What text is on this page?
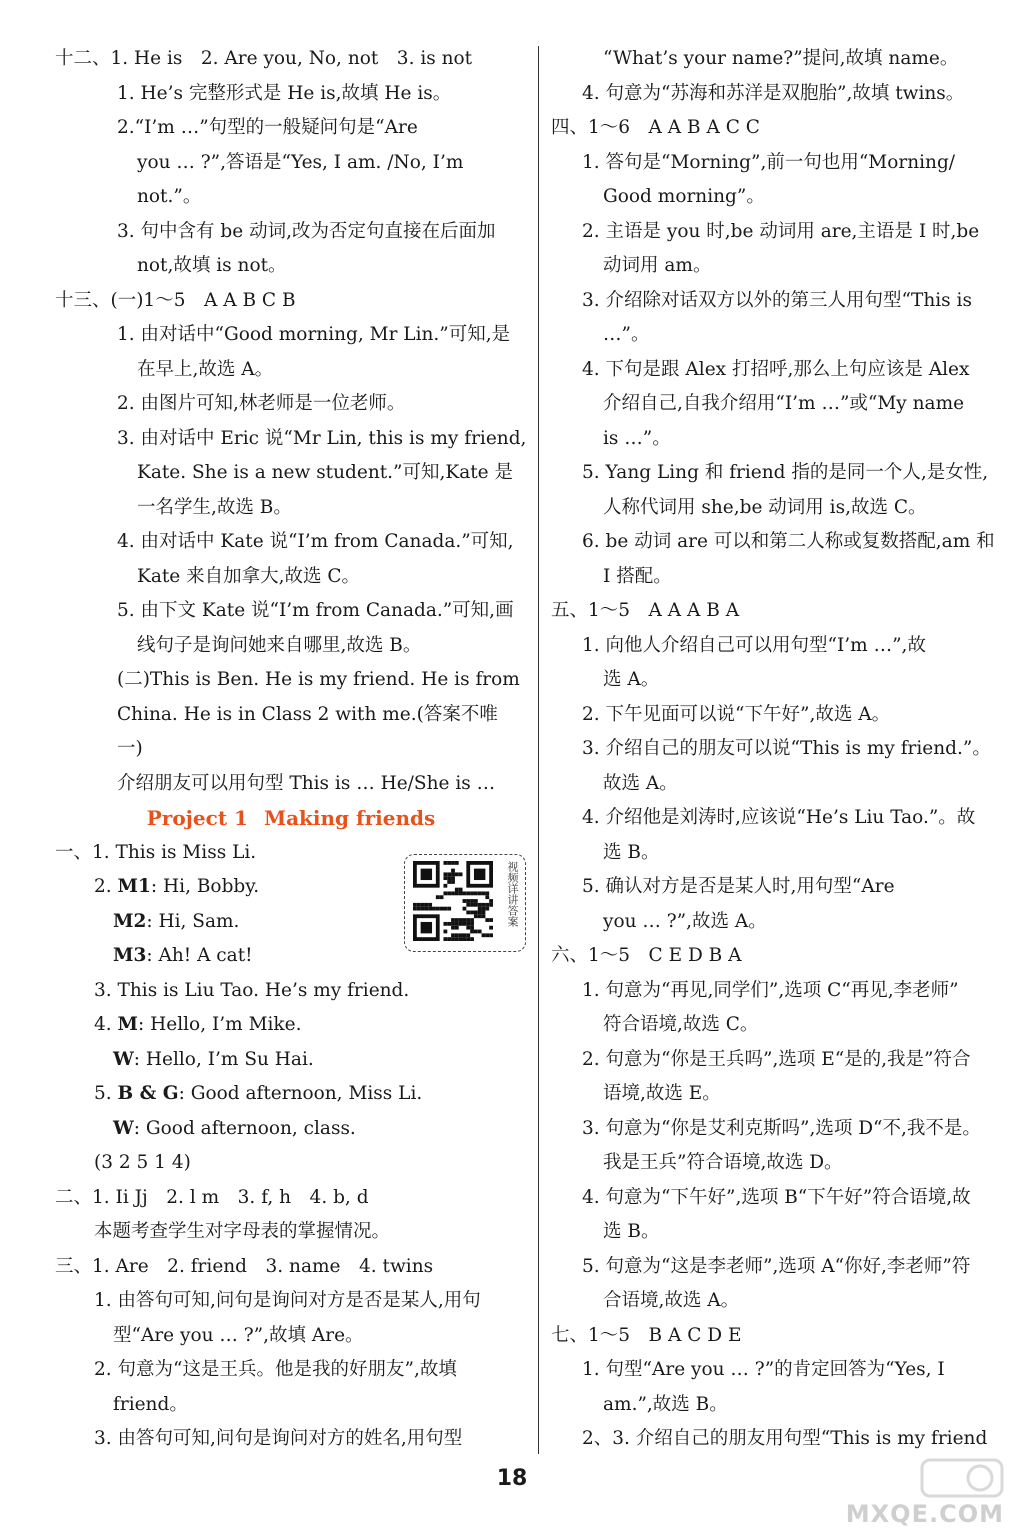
十二、1. He is　2. Are you, No, not　3. is not
1. He’s 完整形式是 He is,故填 He is。
2.“I’m …”句型的一般疑问句是“Are
you … ?”,答语是“Yes, I am. /No, I’m
not.”。
3. 句中含有 be 动词,改为否定句直接在后面加
not,故填 is not。
十三、(一)1～5　A A B C B
1. 由对话中“Good morning, Mr Lin.”可知,是
在早上,故选 A。
2. 由图片可知,林老师是一位老师。
3. 由对话中 Eric 说“Mr Lin, this is my friend,
Kate. She is a new student.”可知,Kate 是
一名学生,故选 B。
4. 由对话中 Kate 说“I’m from Canada.”可知,
Kate 来自加拿大,故选 C。
5. 由下文 Kate 说“I’m from Canada.”可知,画
线句子是询问她来自哪里,故选 B。
(二)This is Ben. He is my friend. He is from
China. He is in Class 2 with me.(答案不唯
一)
介绍朋友可以用句型 This is … He/She is …
Project 1 Making friends
一、1. This is Miss Li.
2. M1: Hi, Bobby.
M2: Hi, Sam.
M3: Ah! A cat!
3. This is Liu Tao. He’s my friend.
4. M: Hello, I’m Mike.
W: Hello, I’m Su Hai.
5. B & G: Good afternoon, Miss Li.
W: Good afternoon, class.
(3 2 5 1 4)
二、1. Ii Jj　2. l m　3. f, h　4. b, d
本题考查学生对字母表的掌握情况。
三、1. Are　2. friend　3. name　4. twins
1. 由答句可知,问句是询问对方是否是某人,用句
型“Are you … ?”,故填 Are。
2. 句意为“这是王兵。他是我的好朋友”,故填
friend。
3. 由答句可知,问句是询问对方的姓名,用句型
“What’s your name?”提问,故填 name。
4. 句意为“苏海和苏洋是双胞胎”,故填 twins。
四、1～6　A A B A C C
1. 答句是“Morning”,前一句也用“Morning/
Good morning”。
2. 主语是 you 时,be 动词用 are,主语是 I 时,be
动词用 am。
3. 介绍除对话双方以外的第三人用句型“This is
…”。
4. 下句是跟 Alex 打招呼,那么上句应该是 Alex
介绍自己,自我介绍用“I’m …”或“My name
is …”。
5. Yang Ling 和 friend 指的是同一个人,是女性,
人称代词用 she,be 动词用 is,故选 C。
6. be 动词 are 可以和第二人称或复数搭配,am 和
I 搭配。
五、1～5　A A A B A
1. 向他人介绍自己可以用句型“I’m …”,故
选 A。
2. 下午见面可以说“下午好”,故选 A。
3. 介绍自己的朋友可以说“This is my friend.”。
故选 A。
4. 介绍他是刘涛时,应该说“He’s Liu Tao.”。故
选 B。
5. 确认对方是否是某人时,用句型“Are
you … ?”,故选 A。
六、1～5　C E D B A
1. 句意为“再见,同学们”,选项 C“再见,李老师”
符合语境,故选 C。
2. 句意为“你是王兵吗”,选项 E“是的,我是”符合
语境,故选 E。
3. 句意为“你是艾利克斯吗”,选项 D“不,我不是。
我是王兵”符合语境,故选 D。
4. 句意为“下午好”,选项 B“下午好”符合语境,故
选 B。
5. 句意为“这是李老师”,选项 A“你好,李老师”符
合语境,故选 A。
七、1～5　B A C D E
1. 句型“Are you … ?”的肯定回答为“Yes, I
am.”,故选 B。
2、3. 介绍自己的朋友用句型“This is my friend
视频详讲答案
18
MXQE.COM
